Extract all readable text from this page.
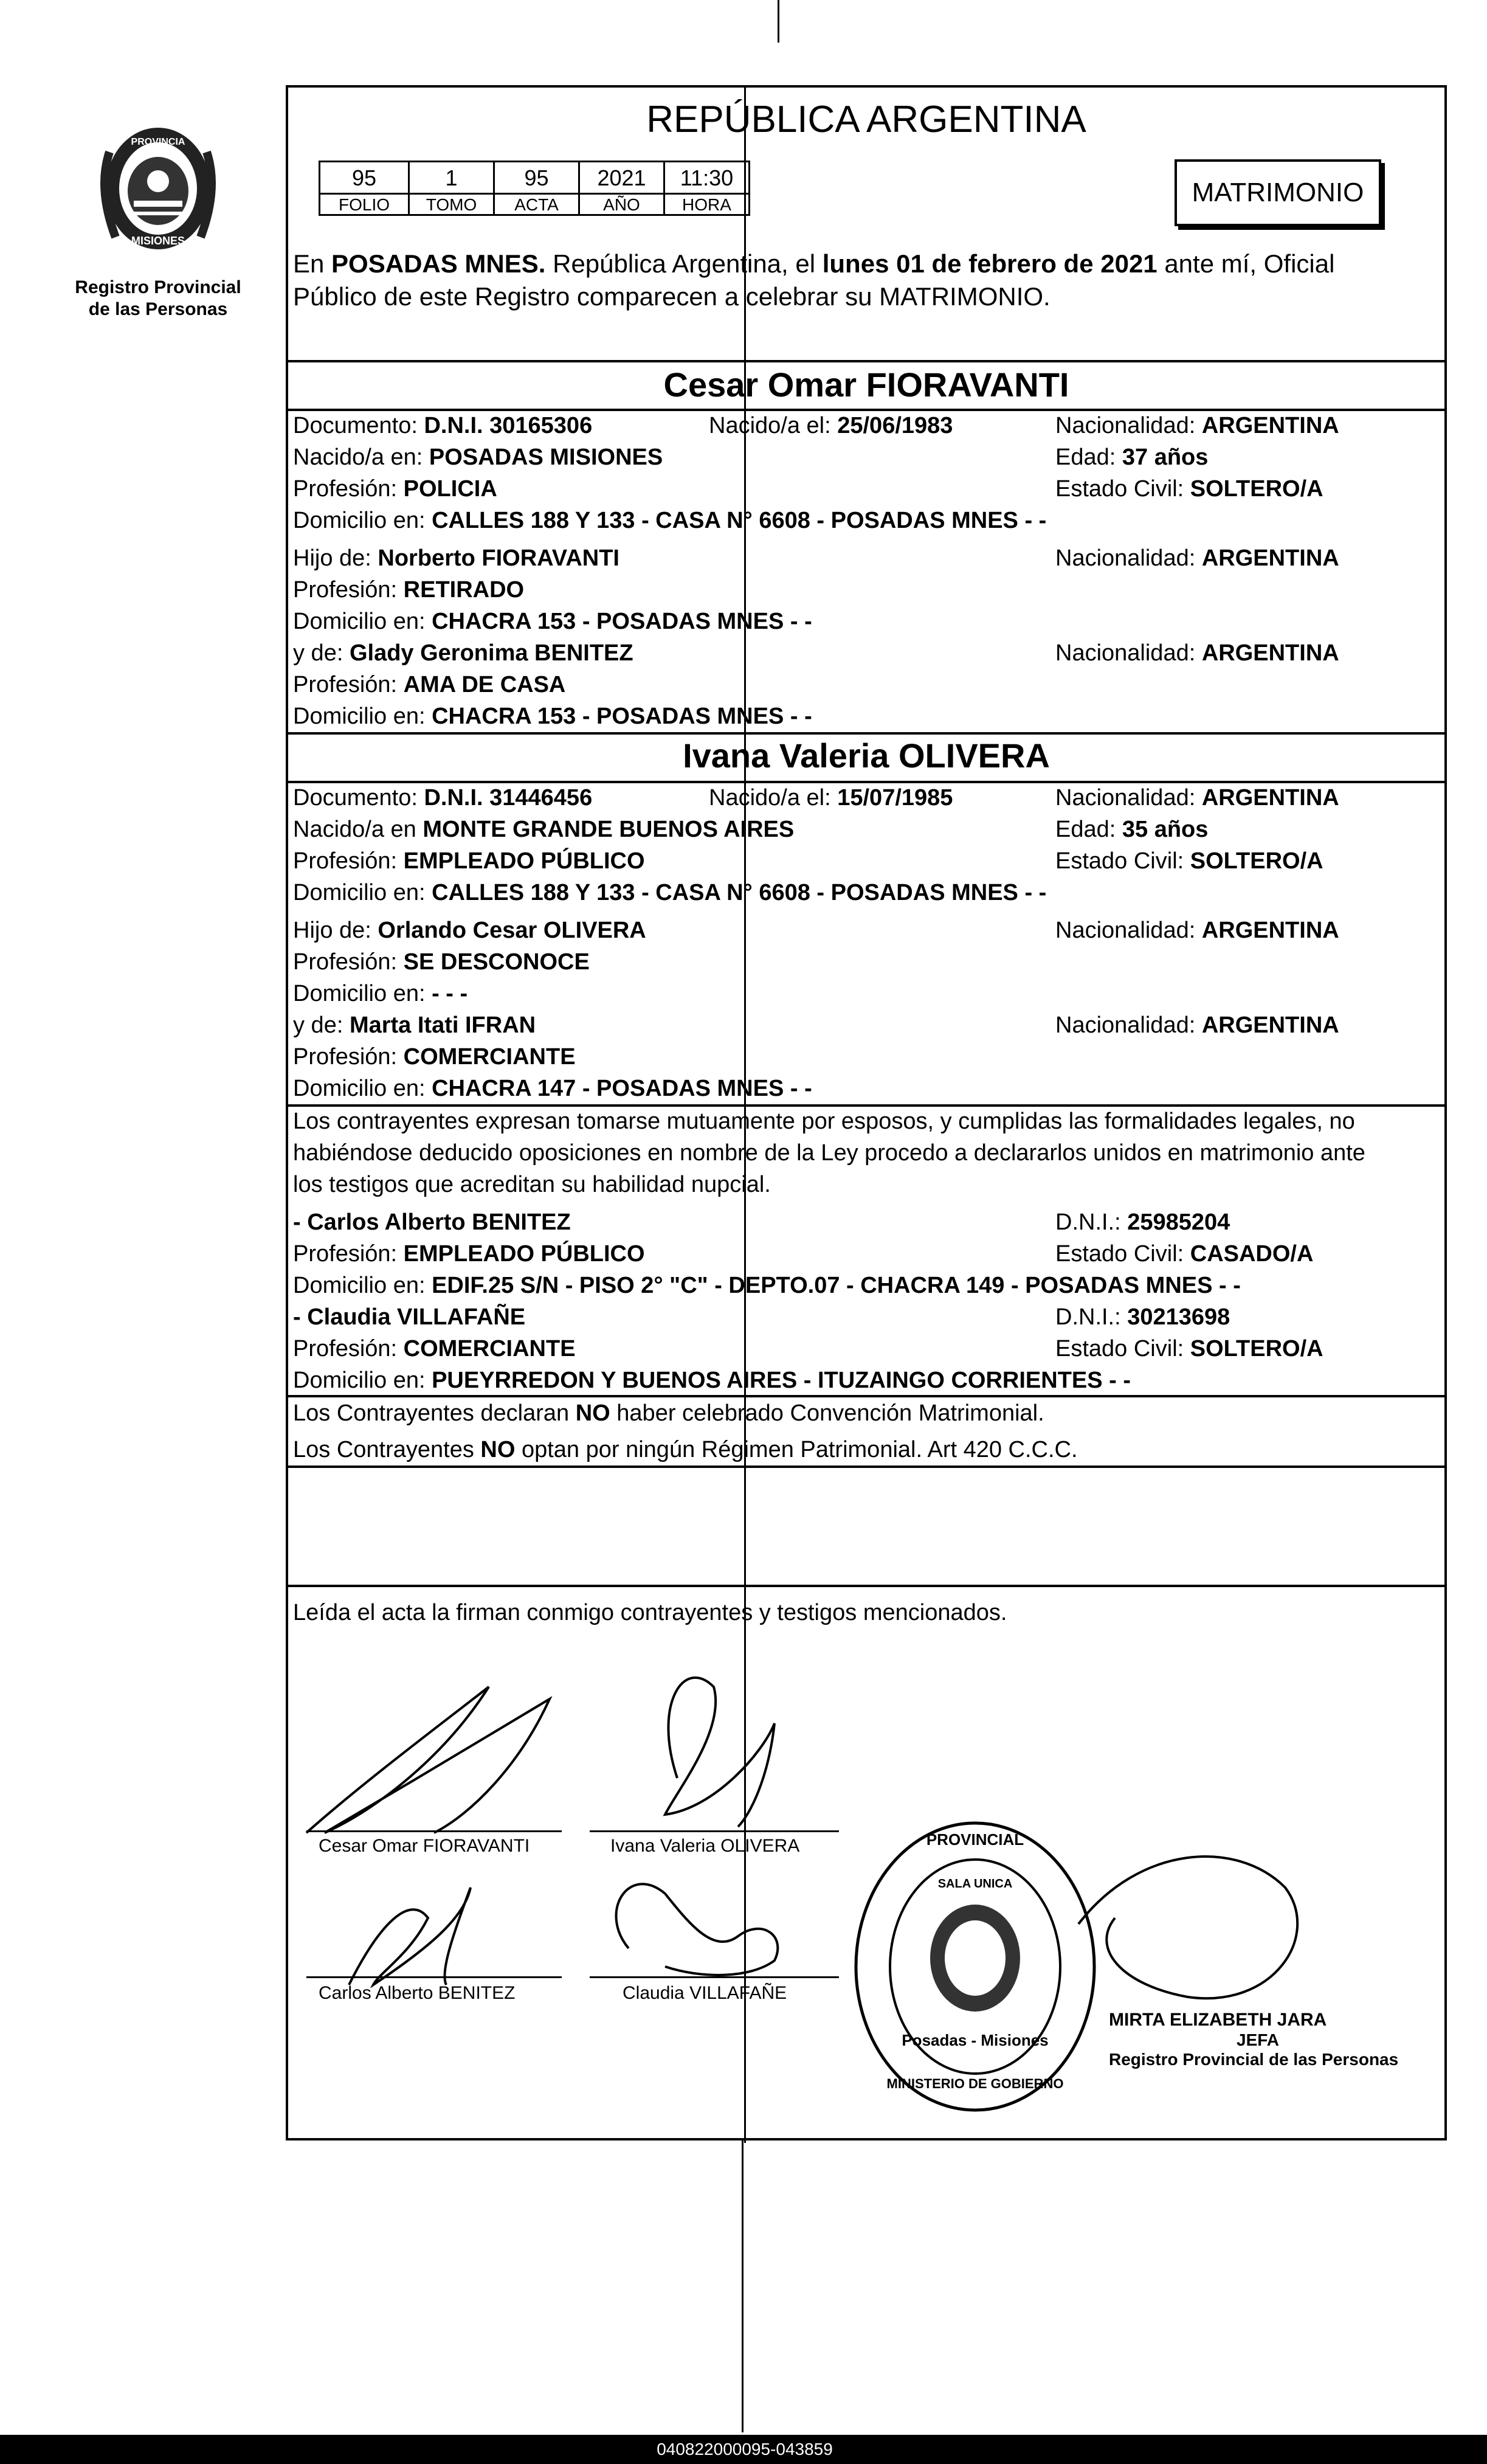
PROVINCIA
MISIONES
Registro Provincial
de las Personas
REPÚBLICA ARGENTINA
95	1	95	2021	11:30
FOLIO	TOMO	ACTA	AÑO	HORA	MATRIMONIO
En POSADAS MNES. República Argentina, el lunes 01 de febrero de 2021 ante mí, Oficial
Público de este Registro comparecen a celebrar su MATRIMONIO.
Cesar Omar FIORAVANTI
Documento: D.N.I. 30165306	Nacido/a el: 25/06/1983	Nacionalidad: ARGENTINA
Nacido/a en: POSADAS MISIONES	Edad: 37 años
Profesión: POLICIA	Estado Civil: SOLTERO/A
Domicilio en: CALLES 188 Y 133 - CASA N° 6608 - POSADAS MNES - -
Hijo de: Norberto FIORAVANTI	Nacionalidad: ARGENTINA
Profesión: RETIRADO
Domicilio en: CHACRA 153 - POSADAS MNES - -
y de: Glady Geronima BENITEZ	Nacionalidad: ARGENTINA
Profesión: AMA DE CASA
Domicilio en: CHACRA 153 - POSADAS MNES - -
Ivana Valeria OLIVERA
Documento: D.N.I. 31446456	Nacido/a el: 15/07/1985	Nacionalidad: ARGENTINA
Nacido/a en MONTE GRANDE BUENOS AIRES	Edad: 35 años
Profesión: EMPLEADO PÚBLICO	Estado Civil: SOLTERO/A
Domicilio en: CALLES 188 Y 133 - CASA N° 6608 - POSADAS MNES - -
Hijo de: Orlando Cesar OLIVERA	Nacionalidad: ARGENTINA
Profesión: SE DESCONOCE
Domicilio en: - - -
y de: Marta Itati IFRAN	Nacionalidad: ARGENTINA
Profesión: COMERCIANTE
Domicilio en: CHACRA 147 - POSADAS MNES - -
Los contrayentes expresan tomarse mutuamente por esposos, y cumplidas las formalidades legales, no
habiéndose deducido oposiciones en nombre de la Ley procedo a declararlos unidos en matrimonio ante
los testigos que acreditan su habilidad nupcial.
- Carlos Alberto BENITEZ	D.N.I.: 25985204
Profesión: EMPLEADO PÚBLICO	Estado Civil: CASADO/A
Domicilio en: EDIF.25 S/N - PISO 2° "C" - DEPTO.07 - CHACRA 149 - POSADAS MNES - -
- Claudia VILLAFAÑE	D.N.I.: 30213698
Profesión: COMERCIANTE	Estado Civil: SOLTERO/A
Domicilio en: PUEYRREDON Y BUENOS AIRES - ITUZAINGO CORRIENTES - -
Los Contrayentes declaran NO haber celebrado Convención Matrimonial.
Los Contrayentes NO optan por ningún Régimen Patrimonial. Art 420 C.C.C.
Leída el acta la firman conmigo contrayentes y testigos mencionados.
Cesar Omar FIORAVANTI	Ivana Valeria OLIVERA
Carlos Alberto BENITEZ	Claudia VILLAFAÑE
PROVINCIAL
SALA UNICA
Posadas - Misiones
MINISTERIO DE GOBIERNO
MIRTA ELIZABETH JARA
JEFA
Registro Provincial de las Personas
040822000095-043859
